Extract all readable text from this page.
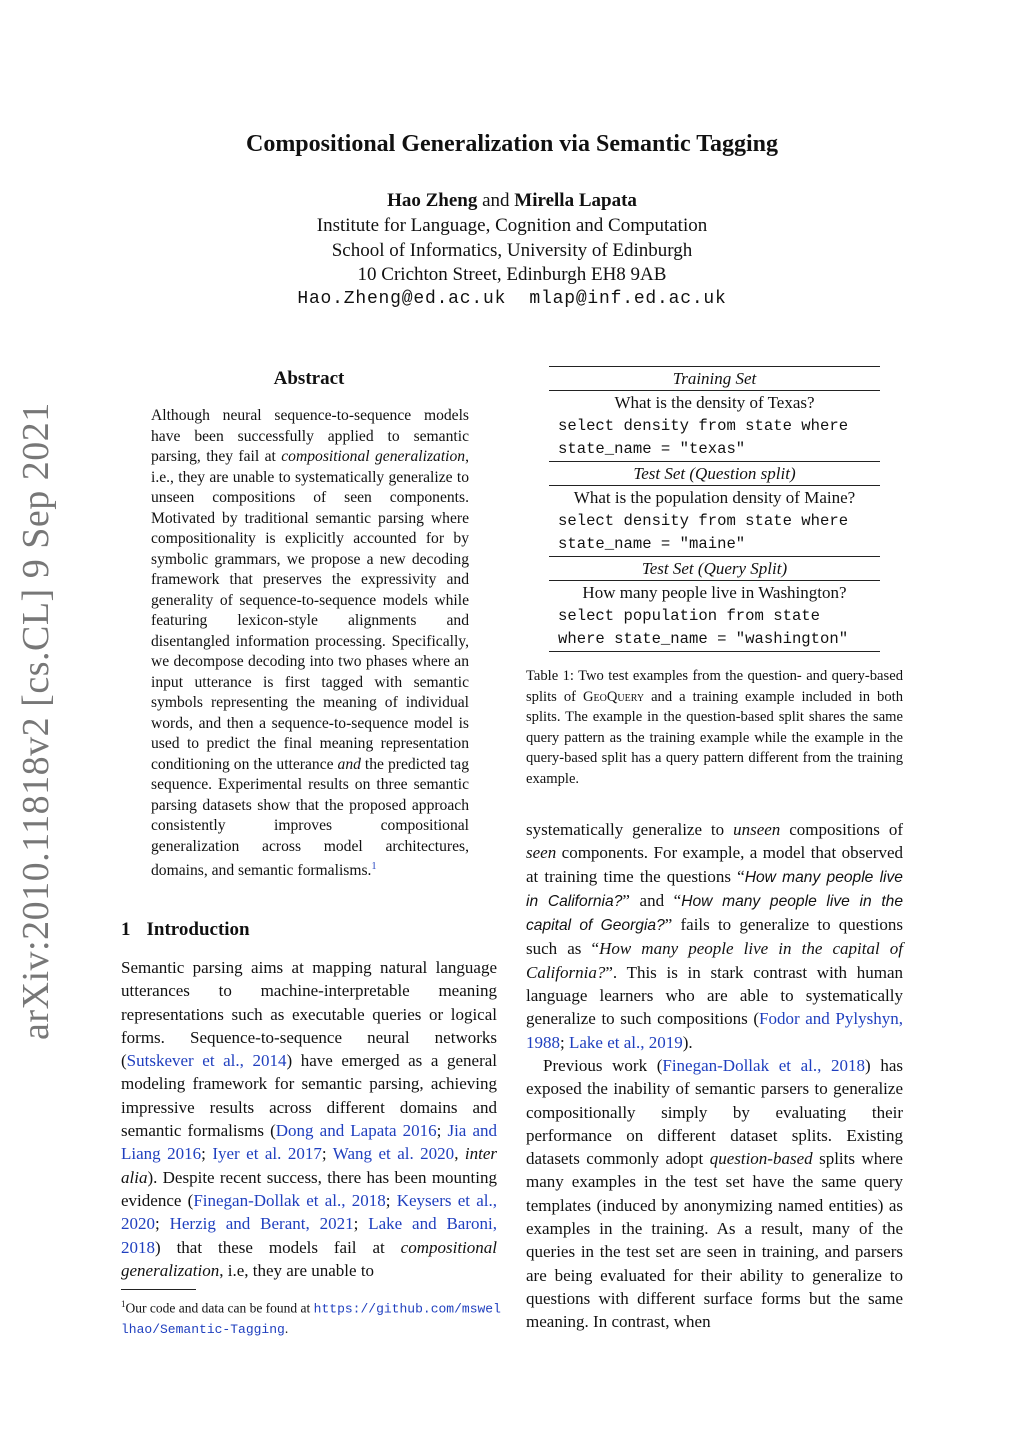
arXiv:2010.11818v2 [cs.CL] 9 Sep 2021
Compositional Generalization via Semantic Tagging
Hao Zheng and Mirella Lapata
Institute for Language, Cognition and Computation
School of Informatics, University of Edinburgh
10 Crichton Street, Edinburgh EH8 9AB
Hao.Zheng@ed.ac.uk mlap@inf.ed.ac.uk
Abstract
Although neural sequence-to-sequence models have been successfully applied to semantic parsing, they fail at compositional generalization, i.e., they are unable to systematically generalize to unseen compositions of seen components. Motivated by traditional semantic parsing where compositionality is explicitly accounted for by symbolic grammars, we propose a new decoding framework that preserves the expressivity and generality of sequence-to-sequence models while featuring lexicon-style alignments and disentangled information processing. Specifically, we decompose decoding into two phases where an input utterance is first tagged with semantic symbols representing the meaning of individual words, and then a sequence-to-sequence model is used to predict the final meaning representation conditioning on the utterance and the predicted tag sequence. Experimental results on three semantic parsing datasets show that the proposed approach consistently improves compositional generalization across model architectures, domains, and semantic formalisms.$^1$
1 Introduction
Semantic parsing aims at mapping natural language utterances to machine-interpretable meaning representations such as executable queries or logical forms. Sequence-to-sequence neural networks (Sutskever et al., 2014) have emerged as a general modeling framework for semantic parsing, achieving impressive results across different domains and semantic formalisms (Dong and Lapata 2016; Jia and Liang 2016; Iyer et al. 2017; Wang et al. 2020, inter alia). Despite recent success, there has been mounting evidence (Finegan-Dollak et al., 2018; Keysers et al., 2020; Herzig and Berant, 2021; Lake and Baroni, 2018) that these models fail at compositional generalization, i.e, they are unable to
$^1$Our code and data can be found at https://github.com/mswellhao/Semantic-Tagging.
Training Set
What is the density of Texas?
select density from state where
state_name = "texas"
Test Set (Question split)
What is the population density of Maine?
select density from state where
state_name = "maine"
Test Set (Query Split)
How many people live in Washington?
select population from state
where state_name = "washington"
Table 1: Two test examples from the question- and query-based splits of GeoQuery and a training example included in both splits. The example in the question-based split shares the same query pattern as the training example while the example in the query-based split has a query pattern different from the training example.

systematically generalize to unseen compositions of seen components. For example, a model that observed at training time the questions “How many people live in California?” and “How many people live in the capital of Georgia?” fails to generalize to questions such as “How many people live in the capital of California?”. This is in stark contrast with human language learners who are able to systematically generalize to such compositions (Fodor and Pylyshyn, 1988; Lake et al., 2019).

Previous work (Finegan-Dollak et al., 2018) has exposed the inability of semantic parsers to generalize compositionally simply by evaluating their performance on different dataset splits. Existing datasets commonly adopt question-based splits where many examples in the test set have the same query templates (induced by anonymizing named entities) as examples in the training. As a result, many of the queries in the test set are seen in training, and parsers are being evaluated for their ability to generalize to questions with different surface forms but the same meaning. In contrast, when
